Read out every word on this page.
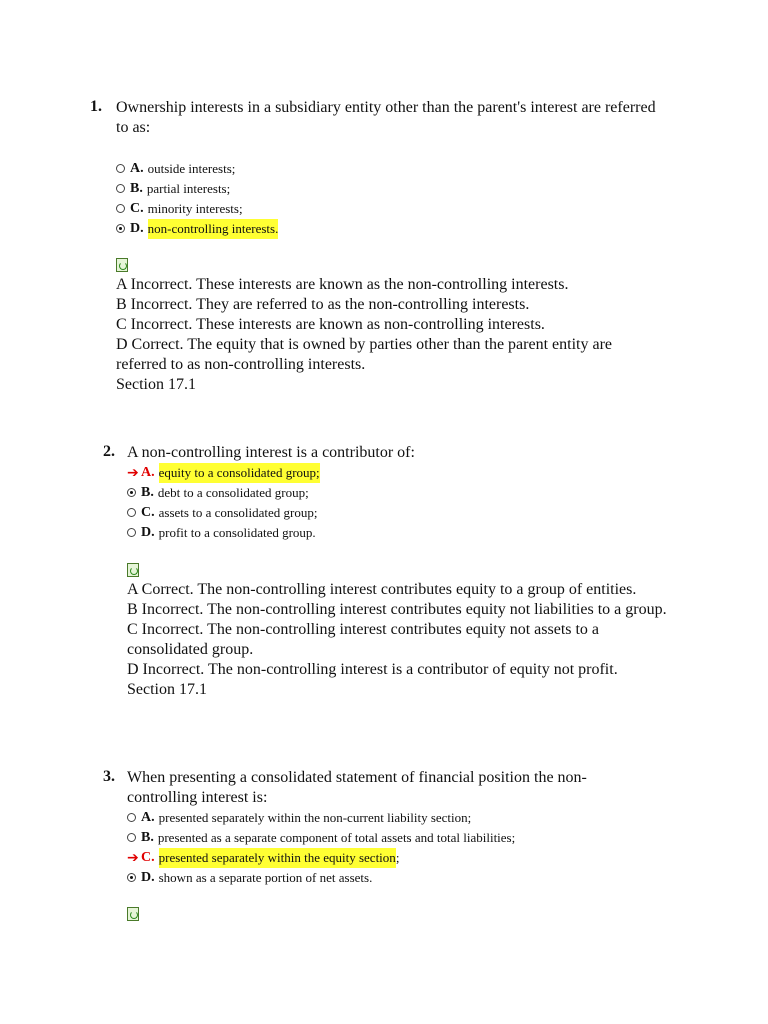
1. Ownership interests in a subsidiary entity other than the parent's interest are referred to as:
A. outside interests;
B. partial interests;
C. minority interests;
D. non-controlling interests.
A Incorrect. These interests are known as the non-controlling interests.
B Incorrect. They are referred to as the non-controlling interests.
C Incorrect. These interests are known as non-controlling interests.
D Correct. The equity that is owned by parties other than the parent entity are referred to as non-controlling interests.
Section 17.1
2. A non-controlling interest is a contributor of:
➔ A. equity to a consolidated group;
B. debt to a consolidated group;
C. assets to a consolidated group;
D. profit to a consolidated group.
A Correct. The non-controlling interest contributes equity to a group of entities.
B Incorrect. The non-controlling interest contributes equity not liabilities to a group.
C Incorrect. The non-controlling interest contributes equity not assets to a consolidated group.
D Incorrect. The non-controlling interest is a contributor of equity not profit.
Section 17.1
3. When presenting a consolidated statement of financial position the non-controlling interest is:
A. presented separately within the non-current liability section;
B. presented as a separate component of total assets and total liabilities;
➔ C. presented separately within the equity section ;
D. shown as a separate portion of net assets.
